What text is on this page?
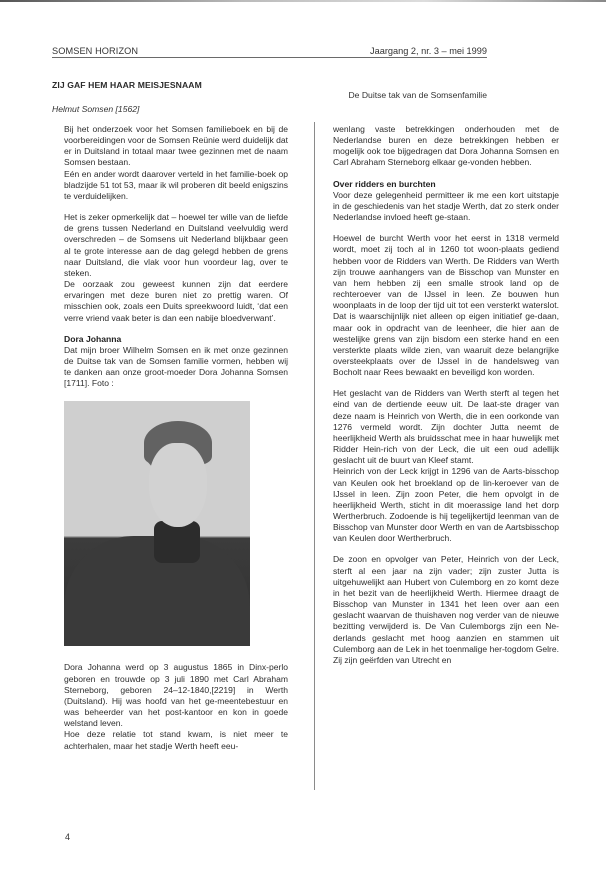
SOMSEN HORIZON	Jaargang 2, nr. 3 – mei 1999
ZIJ GAF HEM HAAR MEISJESNAAM
De Duitse tak van de Somsenfamilie
Helmut Somsen [1562]

Bij het onderzoek voor het Somsen familieboek en bij de voorbereidingen voor de Somsen Reünie werd duidelijk dat er in Duitsland in totaal maar twee gezinnen met de naam Somsen bestaan.

Eén en ander wordt daarover verteld in het familie-boek op bladzijde 51 tot 53, maar ik wil proberen dit beeld enigszins te verduidelijken.

Het is zeker opmerkelijk dat – hoewel ter wille van de liefde de grens tussen Nederland en Duitsland veelvuldig werd overschreden – de Somsens uit Nederland blijkbaar geen al te grote interesse aan de dag gelegd hebben de grens naar Duitsland, die vlak voor hun voordeur lag, over te steken.

De oorzaak zou geweest kunnen zijn dat eerdere ervaringen met deze buren niet zo prettig waren. Of misschien ook, zoals een Duits spreekwoord luidt, ‘dat een verre vriend vaak beter is dan een nabije bloedverwant’.

Dora Johanna

Dat mijn broer Wilhelm Somsen en ik met onze gezinnen de Duitse tak van de Somsen familie vormen, hebben wij te danken aan onze groot-moeder Dora Johanna Somsen [1711]. Foto :

Dora Johanna werd op 3 augustus 1865 in Dinx-perlo geboren en trouwde op 3 juli 1890 met Carl Abraham Sterneborg, geboren 24–12-1840,[2219] in Werth (Duitsland). Hij was hoofd van het ge-meentebestuur en was beheerder van het post-kantoor en kon in goede welstand leven.

Hoe deze relatie tot stand kwam, is niet meer te achterhalen, maar het stadje Werth heeft eeu-

wenlang vaste betrekkingen onderhouden met de Nederlandse buren en deze betrekkingen hebben er mogelijk ook toe bijgedragen dat Dora Johanna Somsen en Carl Abraham Sterneborg elkaar ge-vonden hebben.

Over ridders en burchten

Voor deze gelegenheid permitteer ik me een kort uitstapje in de geschiedenis van het stadje Werth, dat zo sterk onder Nederlandse invloed heeft ge-staan.

Hoewel de burcht Werth voor het eerst in 1318 vermeld wordt, moet zij toch al in 1260 tot woon-plaats gediend hebben voor de Ridders van Werth. De Ridders van Werth zijn trouwe aanhangers van de Bisschop van Munster en van hem hebben zij een smalle strook land op de rechteroever van de IJssel in leen. Ze bouwen hun woonplaats in de loop der tijd uit tot een versterkt waterslot. Dat is waarschijnlijk niet alleen op eigen initiatief ge-daan, maar ook in opdracht van de leenheer, die hier aan de westelijke grens van zijn bisdom een sterke hand en een versterkte plaats wilde zien, van waaruit deze belangrijke oversteekplaats over de IJssel in de handelsweg van Bocholt naar Rees bewaakt en beveiligd kon worden.

Het geslacht van de Ridders van Werth sterft al tegen het eind van de dertiende eeuw uit. De laat-ste drager van deze naam is Heinrich von Werth, die in een oorkonde van 1276 vermeld wordt. Zijn dochter Jutta neemt de heerlijkheid Werth als bruidsschat mee in haar huwelijk met Ridder Hein-rich von der Leck, die uit een oud adellijk geslacht uit de buurt van Kleef stamt.

Heinrich von der Leck krijgt in 1296 van de Aarts-bisschop van Keulen ook het broekland op de lin-keroever van de IJssel in leen. Zijn zoon Peter, die hem opvolgt in de heerlijkheid Werth, sticht in dit moerassige land het dorp Wertherbruch. Zodoende is hij tegelijkertijd leenman van de Bisschop van Munster door Werth en van de Aartsbisschop van Keulen door Wertherbruch.

De zoon en opvolger van Peter, Heinrich von der Leck, sterft al een jaar na zijn vader; zijn zuster Jutta is uitgehuwelijkt aan Hubert von Culemborg en zo komt deze in het bezit van de heerlijkheid Werth. Hiermee draagt de Bisschop van Munster in 1341 het leen over aan een geslacht waarvan de thuishaven nog verder van de nieuwe bezitting verwijderd is. De Van Culemborgs zijn een Ne-derlands geslacht met hoog aanzien en stammen uit Culemborg aan de Lek in het toenmalige her-togdom Gelre. Zij zijn geërfden van Utrecht en

4
